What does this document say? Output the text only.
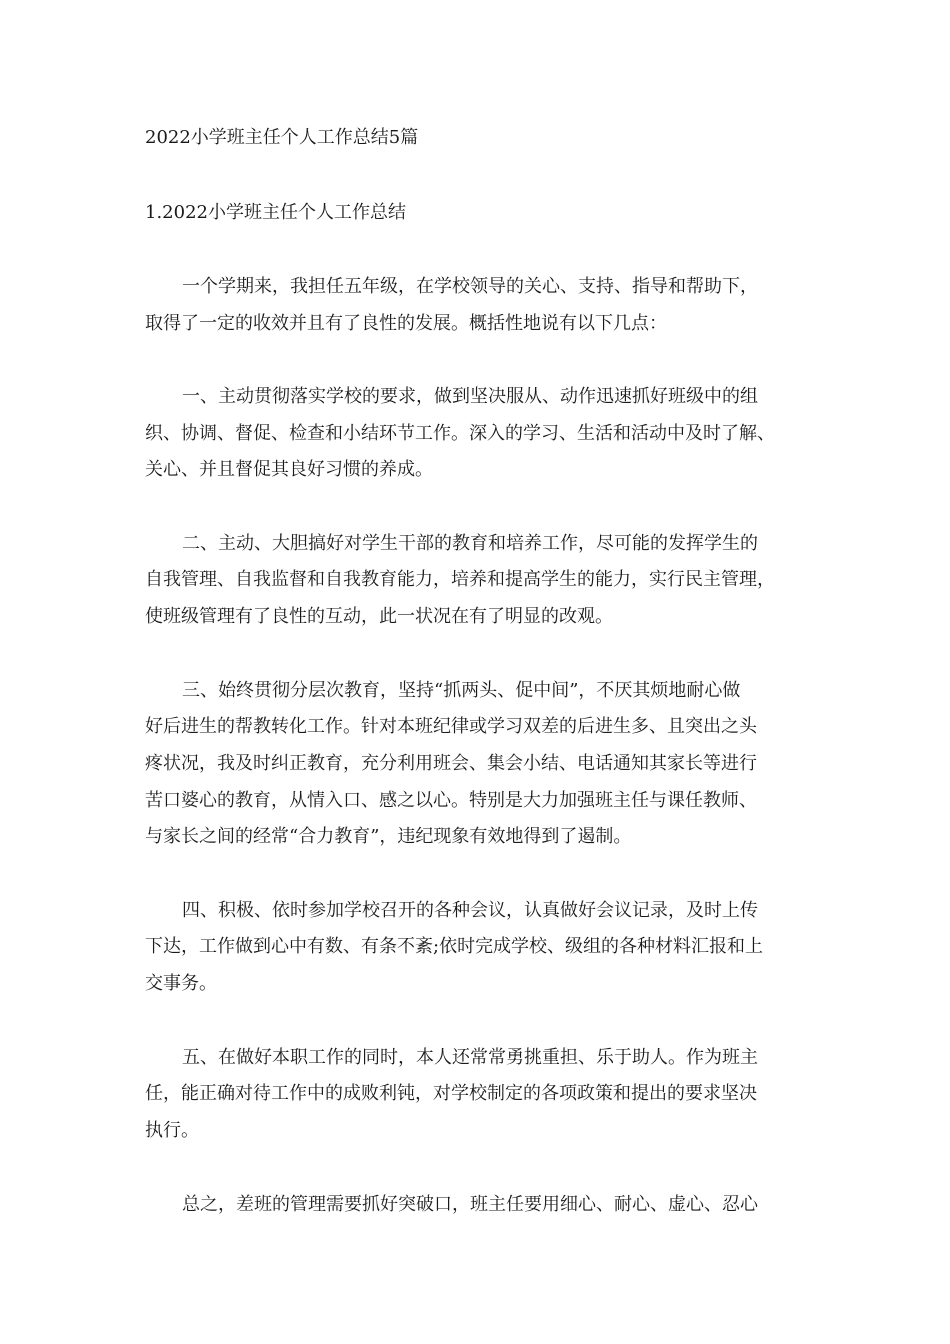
2022小学班主任个人工作总结5篇
1.2022小学班主任个人工作总结
一个学期来，我担任五年级，在学校领导的关心、支持、指导和帮助下，
取得了一定的收效并且有了良性的发展。概括性地说有以下几点：
一、主动贯彻落实学校的要求，做到坚决服从、动作迅速抓好班级中的组
织、协调、督促、检查和小结环节工作。深入的学习、生活和活动中及时了解、
关心、并且督促其良好习惯的养成。
二、主动、大胆搞好对学生干部的教育和培养工作，尽可能的发挥学生的
自我管理、自我监督和自我教育能力，培养和提高学生的能力，实行民主管理，
使班级管理有了良性的互动，此一状况在有了明显的改观。
三、始终贯彻分层次教育，坚持“抓两头、促中间”，不厌其烦地耐心做
好后进生的帮教转化工作。针对本班纪律或学习双差的后进生多、且突出之头
疼状况，我及时纠正教育，充分利用班会、集会小结、电话通知其家长等进行
苦口婆心的教育，从情入口、感之以心。特别是大力加强班主任与课任教师、
与家长之间的经常“合力教育”，违纪现象有效地得到了遏制。
四、积极、依时参加学校召开的各种会议，认真做好会议记录，及时上传
下达，工作做到心中有数、有条不紊;依时完成学校、级组的各种材料汇报和上
交事务。
五、在做好本职工作的同时，本人还常常勇挑重担、乐于助人。作为班主
任，能正确对待工作中的成败利钝，对学校制定的各项政策和提出的要求坚决
执行。
总之，差班的管理需要抓好突破口，班主任要用细心、耐心、虚心、忍心
